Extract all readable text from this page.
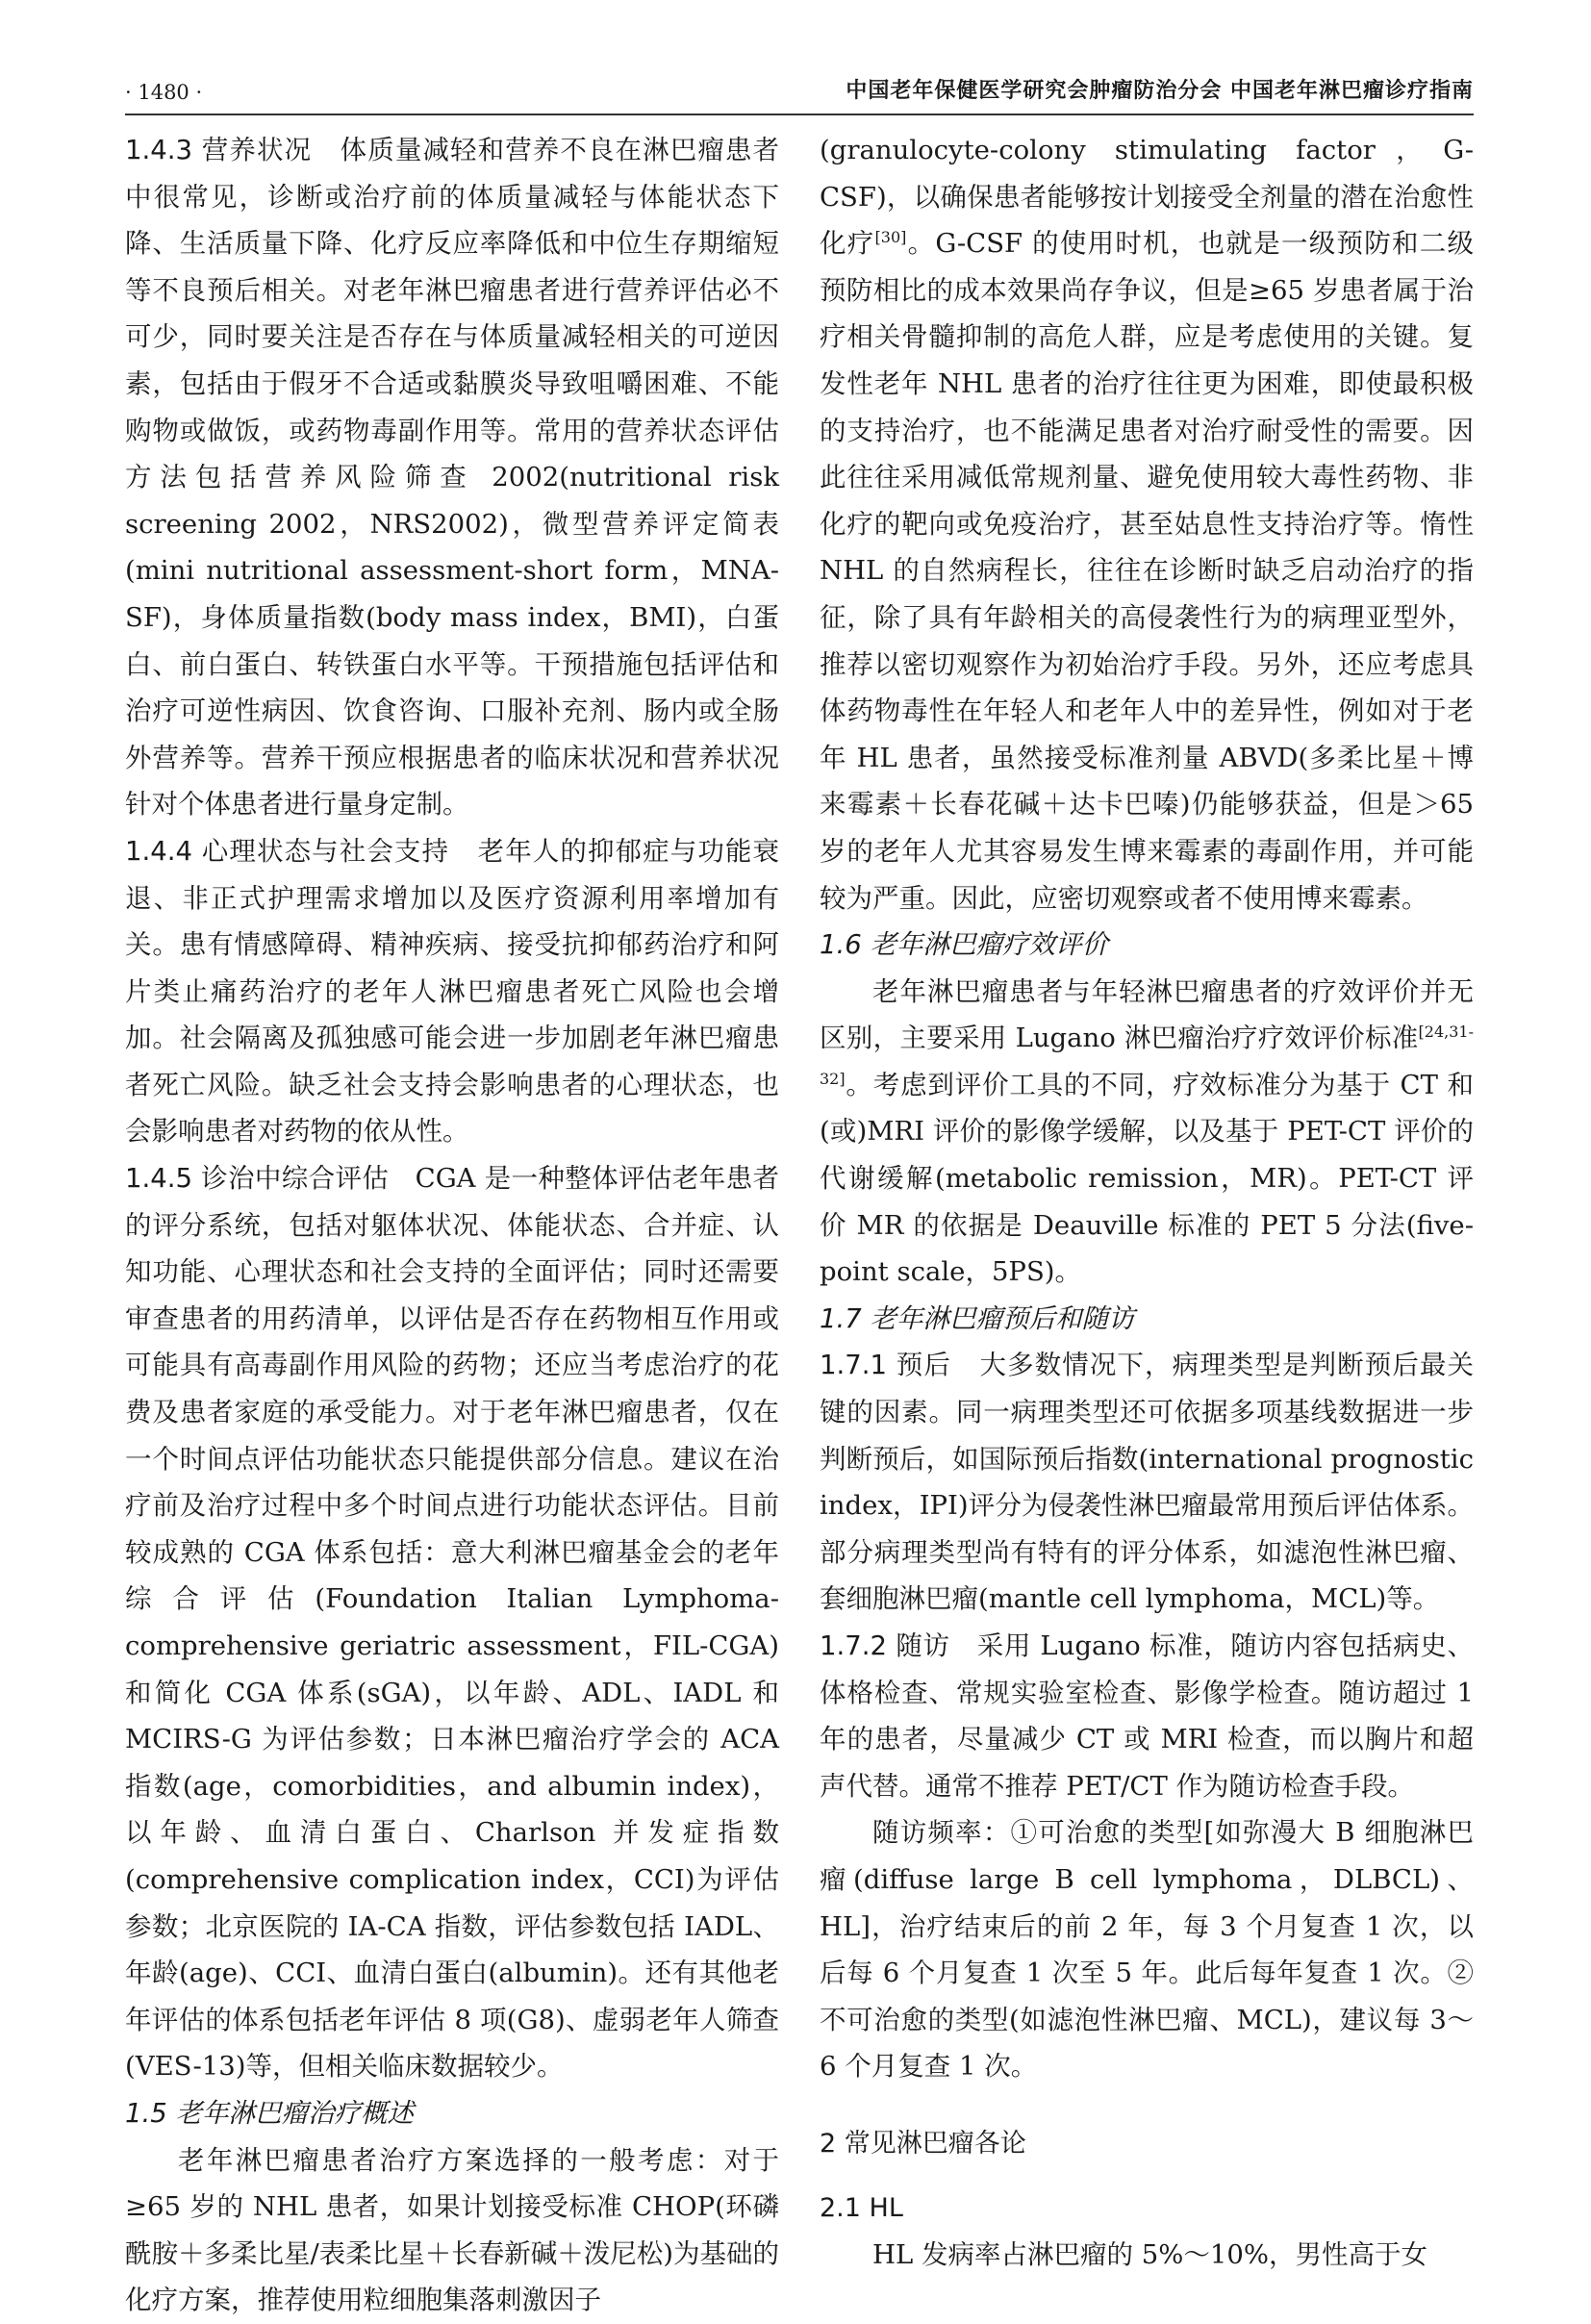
· 1480 ·	中国老年保健医学研究会肿瘤防治分会 中国老年淋巴瘤诊疗指南

1.4.3 营养状况 体质量减轻和营养不良在淋巴瘤患者中很常见，诊断或治疗前的体质量减轻与体能状态下降、生活质量下降、化疗反应率降低和中位生存期缩短等不良预后相关。对老年淋巴瘤患者进行营养评估必不可少，同时要关注是否存在与体质量减轻相关的可逆因素，包括由于假牙不合适或黏膜炎导致咀嚼困难、不能购物或做饭，或药物毒副作用等。常用的营养状态评估方法包括营养风险筛查 2002(nutritional risk screening 2002，NRS2002)，微型营养评定简表(mini nutritional assessment-short form，MNA-SF)，身体质量指数(body mass index，BMI)，白蛋白、前白蛋白、转铁蛋白水平等。干预措施包括评估和治疗可逆性病因、饮食咨询、口服补充剂、肠内或全肠外营养等。营养干预应根据患者的临床状况和营养状况针对个体患者进行量身定制。

1.4.4 心理状态与社会支持 老年人的抑郁症与功能衰退、非正式护理需求增加以及医疗资源利用率增加有关。患有情感障碍、精神疾病、接受抗抑郁药治疗和阿片类止痛药治疗的老年人淋巴瘤患者死亡风险也会增加。社会隔离及孤独感可能会进一步加剧老年淋巴瘤患者死亡风险。缺乏社会支持会影响患者的心理状态，也会影响患者对药物的依从性。

1.4.5 诊治中综合评估 CGA 是一种整体评估老年患者的评分系统，包括对躯体状况、体能状态、合并症、认知功能、心理状态和社会支持的全面评估；同时还需要审查患者的用药清单，以评估是否存在药物相互作用或可能具有高毒副作用风险的药物；还应当考虑治疗的花费及患者家庭的承受能力。对于老年淋巴瘤患者，仅在一个时间点评估功能状态只能提供部分信息。建议在治疗前及治疗过程中多个时间点进行功能状态评估。目前较成熟的 CGA 体系包括：意大利淋巴瘤基金会的老年综合评估(Foundation Italian Lymphoma-comprehensive geriatric assessment，FIL-CGA)和简化 CGA 体系(sGA)，以年龄、ADL、IADL 和 MCIRS-G 为评估参数；日本淋巴瘤治疗学会的 ACA 指数(age，comorbidities，and albumin index)，以年龄、血清白蛋白、Charlson 并发症指数(comprehensive complication index，CCI)为评估参数；北京医院的 IA-CA 指数，评估参数包括 IADL、年龄(age)、CCI、血清白蛋白(albumin)。还有其他老年评估的体系包括老年评估 8 项(G8)、虚弱老年人筛查(VES-13)等，但相关临床数据较少。

1.5 老年淋巴瘤治疗概述

老年淋巴瘤患者治疗方案选择的一般考虑：对于≥65 岁的 NHL 患者，如果计划接受标准 CHOP(环磷酰胺＋多柔比星/表柔比星＋长春新碱＋泼尼松)为基础的化疗方案，推荐使用粒细胞集落刺激因子

(granulocyte-colony stimulating factor，G-CSF)，以确保患者能够按计划接受全剂量的潜在治愈性化疗[30]。G-CSF 的使用时机，也就是一级预防和二级预防相比的成本效果尚存争议，但是≥65 岁患者属于治疗相关骨髓抑制的高危人群，应是考虑使用的关键。复发性老年 NHL 患者的治疗往往更为困难，即使最积极的支持治疗，也不能满足患者对治疗耐受性的需要。因此往往采用减低常规剂量、避免使用较大毒性药物、非化疗的靶向或免疫治疗，甚至姑息性支持治疗等。惰性 NHL 的自然病程长，往往在诊断时缺乏启动治疗的指征，除了具有年龄相关的高侵袭性行为的病理亚型外，推荐以密切观察作为初始治疗手段。另外，还应考虑具体药物毒性在年轻人和老年人中的差异性，例如对于老年 HL 患者，虽然接受标准剂量 ABVD(多柔比星＋博来霉素＋长春花碱＋达卡巴嗪)仍能够获益，但是＞65 岁的老年人尤其容易发生博来霉素的毒副作用，并可能较为严重。因此，应密切观察或者不使用博来霉素。

1.6 老年淋巴瘤疗效评价

老年淋巴瘤患者与年轻淋巴瘤患者的疗效评价并无区别，主要采用 Lugano 淋巴瘤治疗疗效评价标准[24,31-32]。考虑到评价工具的不同，疗效标准分为基于 CT 和(或)MRI 评价的影像学缓解，以及基于 PET-CT 评价的代谢缓解(metabolic remission，MR)。PET-CT 评价 MR 的依据是 Deauville 标准的 PET 5 分法(five-point scale，5PS)。

1.7 老年淋巴瘤预后和随访

1.7.1 预后 大多数情况下，病理类型是判断预后最关键的因素。同一病理类型还可依据多项基线数据进一步判断预后，如国际预后指数(international prognostic index，IPI)评分为侵袭性淋巴瘤最常用预后评估体系。部分病理类型尚有特有的评分体系，如滤泡性淋巴瘤、套细胞淋巴瘤(mantle cell lymphoma，MCL)等。

1.7.2 随访 采用 Lugano 标准，随访内容包括病史、体格检查、常规实验室检查、影像学检查。随访超过 1 年的患者，尽量减少 CT 或 MRI 检查，而以胸片和超声代替。通常不推荐 PET/CT 作为随访检查手段。

随访频率：①可治愈的类型[如弥漫大 B 细胞淋巴瘤(diffuse large B cell lymphoma，DLBCL)、HL]，治疗结束后的前 2 年，每 3 个月复查 1 次，以后每 6 个月复查 1 次至 5 年。此后每年复查 1 次。②不可治愈的类型(如滤泡性淋巴瘤、MCL)，建议每 3～6 个月复查 1 次。

2 常见淋巴瘤各论

2.1 HL

HL 发病率占淋巴瘤的 5%～10%，男性高于女
